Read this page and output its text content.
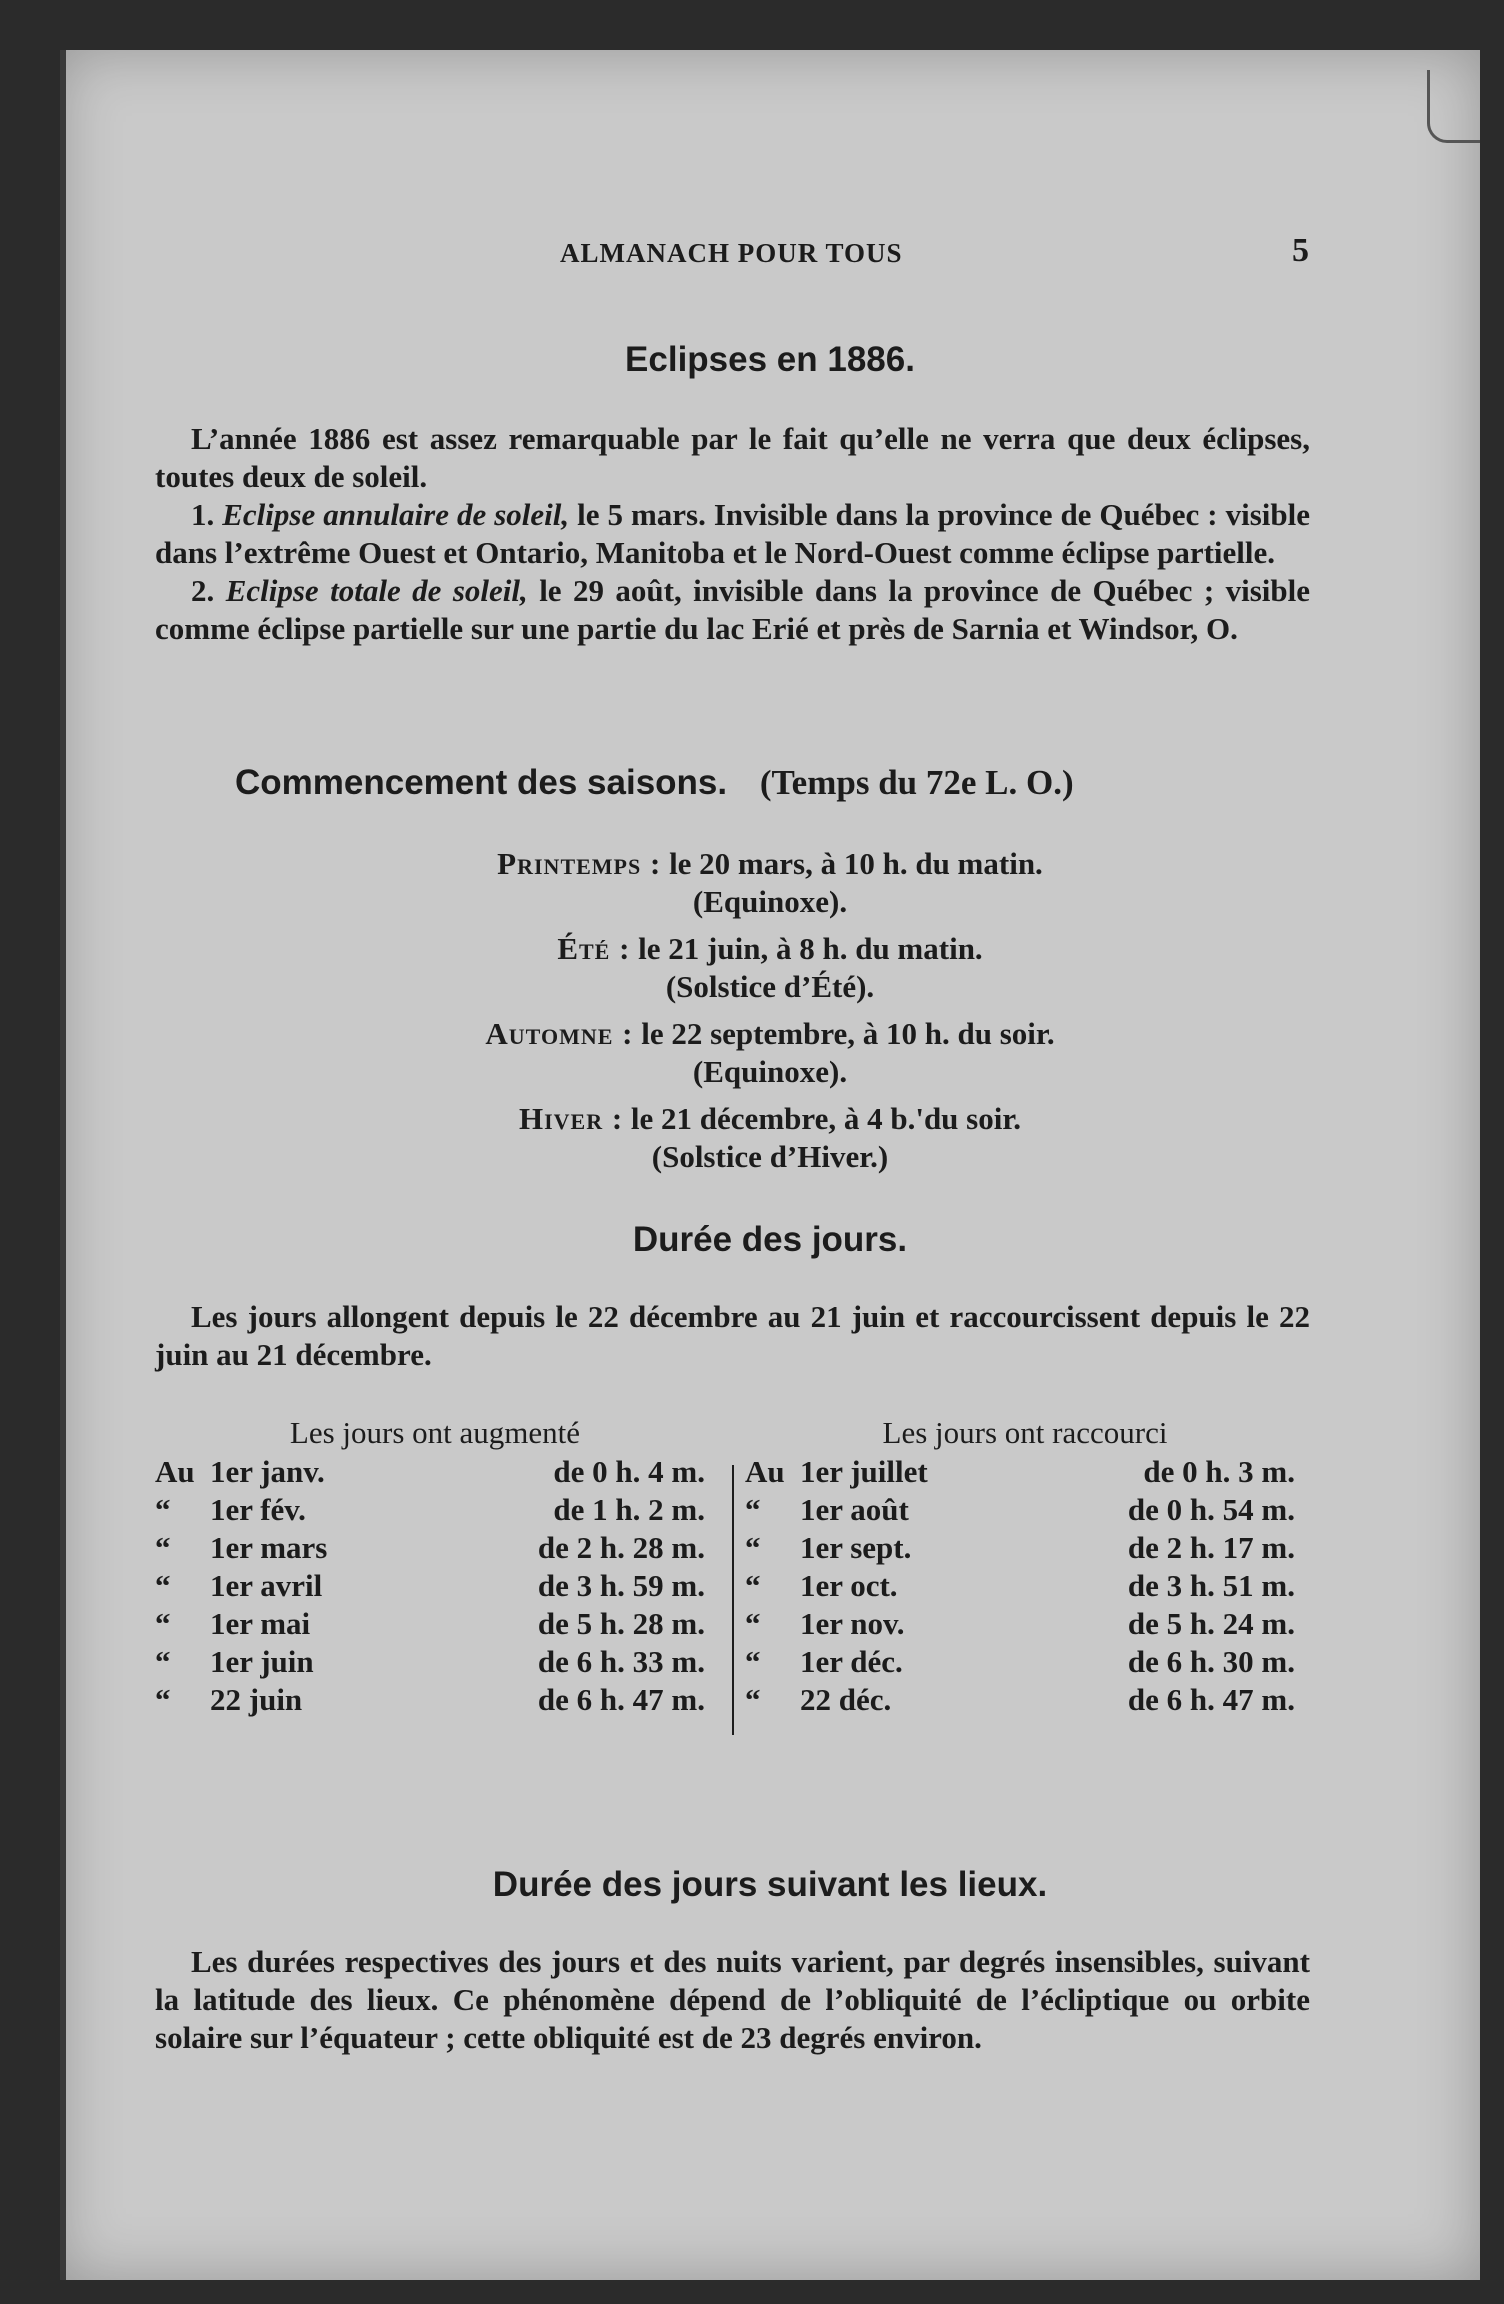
ALMANACH POUR TOUS	5
Eclipses en 1886.

L’année 1886 est assez remarquable par le fait qu’elle ne verra que deux éclipses, toutes deux de soleil.

1. Eclipse annulaire de soleil, le 5 mars. Invisible dans la province de Québec : visible dans l’extrême Ouest et Ontario, Manitoba et le Nord-Ouest comme éclipse partielle.

2. Eclipse totale de soleil, le 29 août, invisible dans la province de Québec ; visible comme éclipse partielle sur une partie du lac Erié et près de Sarnia et Windsor, O.

Commencement des saisons. (Temps du 72e L. O.)
Printemps : le 20 mars, à 10 h. du matin.
(Equinoxe).
Été : le 21 juin, à 8 h. du matin.
(Solstice d’Été).
Automne : le 22 septembre, à 10 h. du soir.
(Equinoxe).
Hiver : le 21 décembre, à 4 b.'du soir.
(Solstice d’Hiver.)
Durée des jours.

Les jours allongent depuis le 22 décembre au 21 juin et raccourcissent depuis le 22 juin au 21 décembre.

Les jours ont augmenté
Au 1er janv.	de 0 h. 4 m.
“	1er fév.	de 1 h. 2 m.
“	1er mars	de 2 h. 28 m.
“	1er avril	de 3 h. 59 m.
“	1er mai	de 5 h. 28 m.
“	1er juin	de 6 h. 33 m.
“	22 juin	de 6 h. 47 m.
Les jours ont raccourci
Au 1er juillet	de 0 h. 3 m.
“	1er août	de 0 h. 54 m.
“	1er sept.	de 2 h. 17 m.
“	1er oct.	de 3 h. 51 m.
“	1er nov.	de 5 h. 24 m.
“	1er déc.	de 6 h. 30 m.
“	22 déc.	de 6 h. 47 m.
Durée des jours suivant les lieux.

Les durées respectives des jours et des nuits varient, par degrés insensibles, suivant la latitude des lieux. Ce phénomène dépend de l’obliquité de l’écliptique ou orbite solaire sur l’équateur ; cette obliquité est de 23 degrés environ.
